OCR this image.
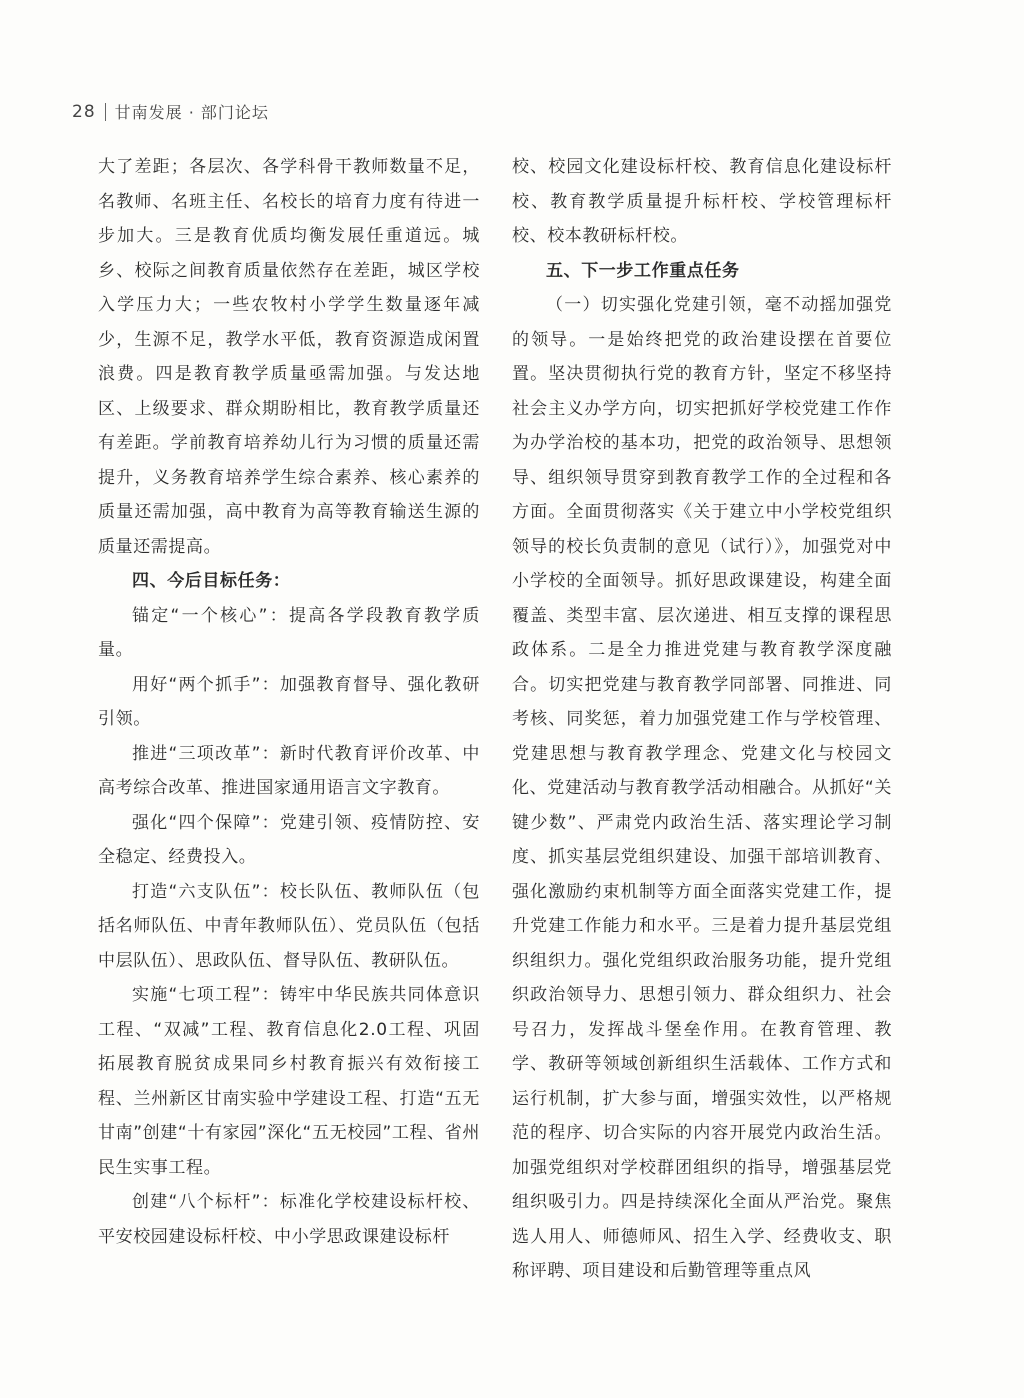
28 甘南发展 · 部门论坛

大了差距；各层次、各学科骨干教师数量不足，名教师、名班主任、名校长的培育力度有待进一步加大。三是教育优质均衡发展任重道远。城乡、校际之间教育质量依然存在差距，城区学校入学压力大；一些农牧村小学学生数量逐年减少，生源不足，教学水平低，教育资源造成闲置浪费。四是教育教学质量亟需加强。与发达地区、上级要求、群众期盼相比，教育教学质量还有差距。学前教育培养幼儿行为习惯的质量还需提升，义务教育培养学生综合素养、核心素养的质量还需加强，高中教育为高等教育输送生源的质量还需提高。

四、今后目标任务：

锚定“一个核心”：提高各学段教育教学质量。

用好“两个抓手”：加强教育督导、强化教研引领。

推进“三项改革”：新时代教育评价改革、中高考综合改革、推进国家通用语言文字教育。

强化“四个保障”：党建引领、疫情防控、安全稳定、经费投入。

打造“六支队伍”：校长队伍、教师队伍（包括名师队伍、中青年教师队伍）、党员队伍（包括中层队伍）、思政队伍、督导队伍、教研队伍。

实施“七项工程”：铸牢中华民族共同体意识工程、“双减”工程、教育信息化2.0工程、巩固拓展教育脱贫成果同乡村教育振兴有效衔接工程、兰州新区甘南实验中学建设工程、打造“五无甘南”创建“十有家园”深化“五无校园”工程、省州民生实事工程。

创建“八个标杆”：标准化学校建设标杆校、平安校园建设标杆校、中小学思政课建设标杆

校、校园文化建设标杆校、教育信息化建设标杆校、教育教学质量提升标杆校、学校管理标杆校、校本教研标杆校。

五、下一步工作重点任务

（一）切实强化党建引领，毫不动摇加强党的领导。一是始终把党的政治建设摆在首要位置。坚决贯彻执行党的教育方针，坚定不移坚持社会主义办学方向，切实把抓好学校党建工作作为办学治校的基本功，把党的政治领导、思想领导、组织领导贯穿到教育教学工作的全过程和各方面。全面贯彻落实《关于建立中小学校党组织领导的校长负责制的意见（试行）》，加强党对中小学校的全面领导。抓好思政课建设，构建全面覆盖、类型丰富、层次递进、相互支撑的课程思政体系。二是全力推进党建与教育教学深度融合。切实把党建与教育教学同部署、同推进、同考核、同奖惩，着力加强党建工作与学校管理、党建思想与教育教学理念、党建文化与校园文化、党建活动与教育教学活动相融合。从抓好“关键少数”、严肃党内政治生活、落实理论学习制度、抓实基层党组织建设、加强干部培训教育、强化激励约束机制等方面全面落实党建工作，提升党建工作能力和水平。三是着力提升基层党组织组织力。强化党组织政治服务功能，提升党组织政治领导力、思想引领力、群众组织力、社会号召力，发挥战斗堡垒作用。在教育管理、教学、教研等领域创新组织生活载体、工作方式和运行机制，扩大参与面，增强实效性，以严格规范的程序、切合实际的内容开展党内政治生活。加强党组织对学校群团组织的指导，增强基层党组织吸引力。四是持续深化全面从严治党。聚焦选人用人、师德师风、招生入学、经费收支、职称评聘、项目建设和后勤管理等重点风
